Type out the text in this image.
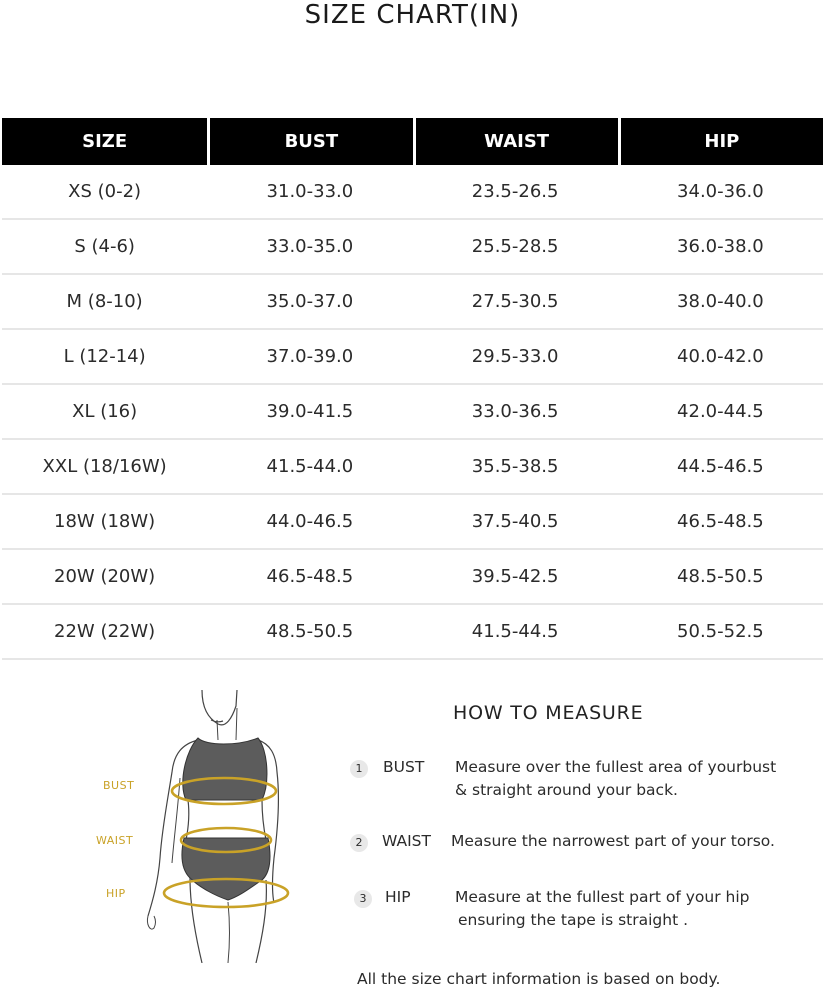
SIZE CHART(IN)
SIZE	BUST	WAIST	HIP
XS (0-2)	31.0-33.0	23.5-26.5	34.0-36.0
S (4-6)	33.0-35.0	25.5-28.5	36.0-38.0
M (8-10)	35.0-37.0	27.5-30.5	38.0-40.0
L (12-14)	37.0-39.0	29.5-33.0	40.0-42.0
XL (16)	39.0-41.5	33.0-36.5	42.0-44.5
XXL (18/16W)	41.5-44.0	35.5-38.5	44.5-46.5
18W (18W)	44.0-46.5	37.5-40.5	46.5-48.5
20W (20W)	46.5-48.5	39.5-42.5	48.5-50.5
22W (22W)	48.5-50.5	41.5-44.5	50.5-52.5
BUST
WAIST
HIP
HOW TO MEASURE
1	BUST Measure over the fullest area of yourbust
& straight around your back.
2	WAIST Measure the narrowest part of your torso.
3	HIP	Measure at the fullest part of your hip
ensuring the tape is straight .
All the size chart information is based on body.
